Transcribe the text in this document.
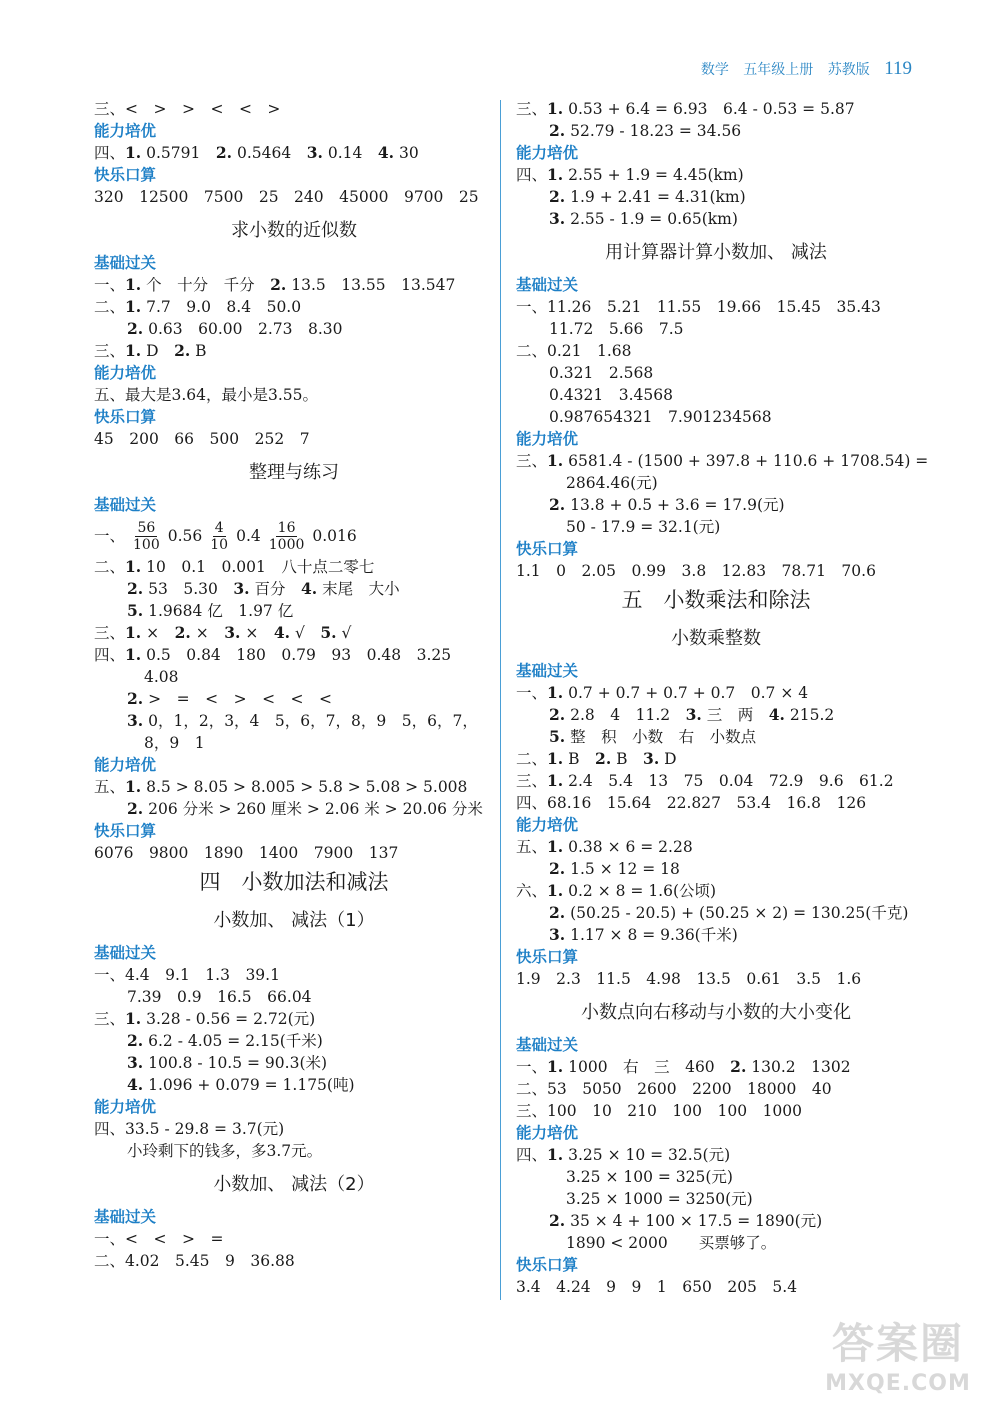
数学 五年级上册 苏教版 119
三、<　>　>　<　<　>
能力培优
四、1. 0.5791　2. 0.5464　3. 0.14　4. 30
快乐口算
320　12500　7500　25　240　45000　9700　25
求小数的近似数
基础过关
一、1. 个　十分　千分　2. 13.5　13.55　13.547
二、1. 7.7　9.0　8.4　50.0
2. 0.63　60.00　2.73　8.30
三、1. D　2. B
能力培优
五、最大是3.64，最小是3.55。
快乐口算
45　200　66　500　252　7
整理与练习
基础过关
一、 $\frac{56}{100} 0.56 \frac{4}{10} 0.4 \frac{16}{1000} 0.016$
二、1. 10　0.1　0.001　八十点二零七
2. 53　5.30　3. 百分　4. 末尾　大小
5. 1.9684 亿　1.97 亿
三、1. ×　2. ×　3. ×　4. √　5. √
四、1. 0.5　0.84　180　0.79　93　0.48　3.25
4.08
2. >　=　<　>　<　<　<
3. 0，1，2，3，4　5，6，7，8，9　5，6，7，
8，9　1
能力培优
五、1. 8.5 > 8.05 > 8.005 > 5.8 > 5.08 > 5.008
2. 206 分米 > 260 厘米 > 2.06 米 > 20.06 分米
快乐口算
6076　9800　1890　1400　7900　137
四　小数加法和减法
小数加、 减法（1）
基础过关
一、4.4　9.1　1.3　39.1
7.39　0.9　16.5　66.04
三、1. 3.28 - 0.56 = 2.72(元)
2. 6.2 - 4.05 = 2.15(千米)
3. 100.8 - 10.5 = 90.3(米)
4. 1.096 + 0.079 = 1.175(吨)
能力培优
四、33.5 - 29.8 = 3.7(元)
小玲剩下的钱多，多3.7元。
小数加、 减法（2）
基础过关
一、<　<　>　=
二、4.02　5.45　9　36.88
三、1. 0.53 + 6.4 = 6.93　6.4 - 0.53 = 5.87
2. 52.79 - 18.23 = 34.56
能力培优
四、1. 2.55 + 1.9 = 4.45(km)
2. 1.9 + 2.41 = 4.31(km)
3. 2.55 - 1.9 = 0.65(km)
用计算器计算小数加、 减法
基础过关
一、11.26　5.21　11.55　19.66　15.45　35.43
11.72　5.66　7.5
二、0.21　1.68
0.321　2.568
0.4321　3.4568
0.987654321　7.901234568
能力培优
三、1. 6581.4 - (1500 + 397.8 + 110.6 + 1708.54) =
2864.46(元)
2. 13.8 + 0.5 + 3.6 = 17.9(元)
50 - 17.9 = 32.1(元)
快乐口算
1.1　0　2.05　0.99　3.8　12.83　78.71　70.6
五　小数乘法和除法
小数乘整数
基础过关
一、1. 0.7 + 0.7 + 0.7 + 0.7　0.7 × 4
2. 2.8　4　11.2　3. 三　两　4. 215.2
5. 整　积　小数　右　小数点
二、1. B　2. B　3. D
三、1. 2.4　5.4　13　75　0.04　72.9　9.6　61.2
四、68.16　15.64　22.827　53.4　16.8　126
能力培优
五、1. 0.38 × 6 = 2.28
2. 1.5 × 12 = 18
六、1. 0.2 × 8 = 1.6(公顷)
2. (50.25 - 20.5) + (50.25 × 2) = 130.25(千克)
3. 1.17 × 8 = 9.36(千米)
快乐口算
1.9　2.3　11.5　4.98　13.5　0.61　3.5　1.6
小数点向右移动与小数的大小变化
基础过关
一、1. 1000　右　三　460　2. 130.2　1302
二、53　5050　2600　2200　18000　40
三、100　10　210　100　100　1000
能力培优
四、1. 3.25 × 10 = 32.5(元)
3.25 × 100 = 325(元)
3.25 × 1000 = 3250(元)
2. 35 × 4 + 100 × 17.5 = 1890(元)
1890 < 2000　　买票够了。
快乐口算
3.4　4.24　9　9　1　650　205　5.4
答案圈
MXQE.COM
